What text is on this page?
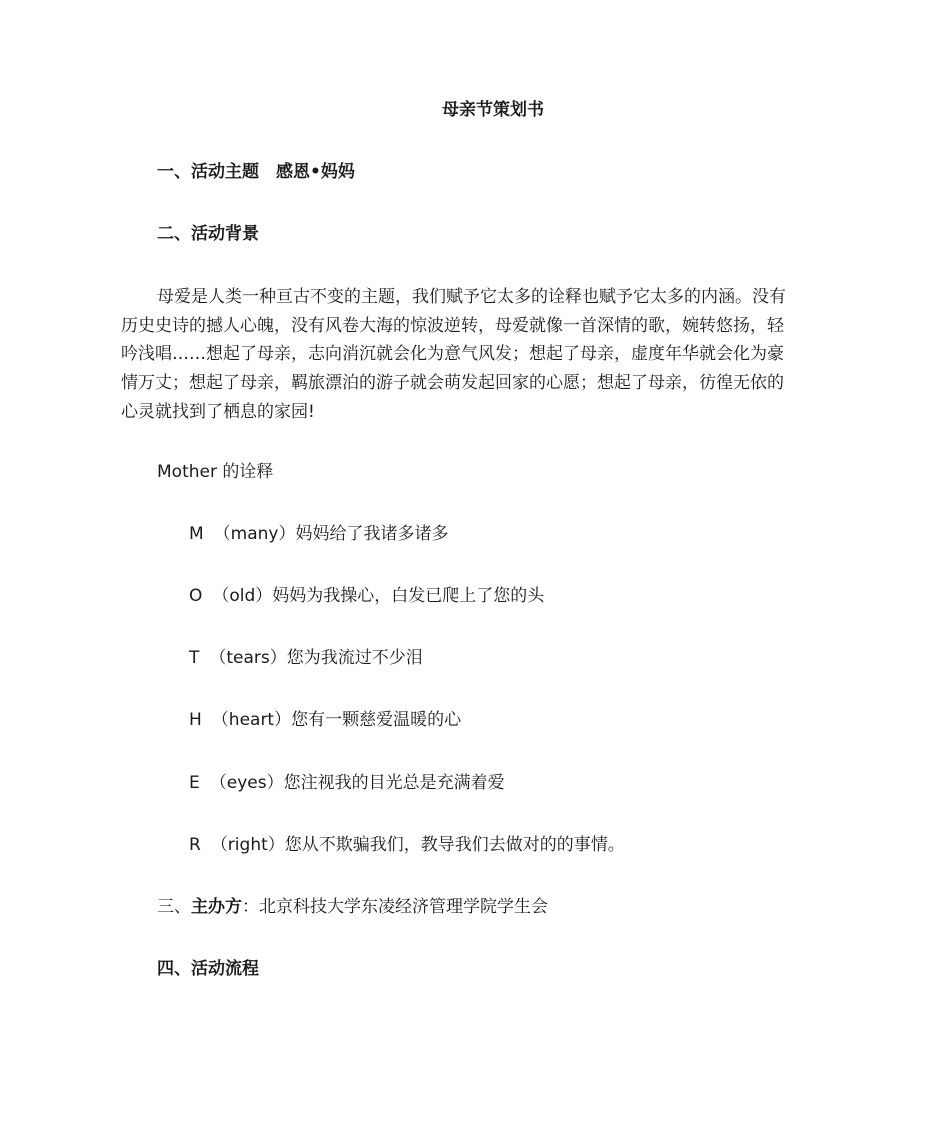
母亲节策划书
一、活动主题 感恩•妈妈
二、活动背景
母爱是人类一种亘古不变的主题，我们赋予它太多的诠释也赋予它太多的内涵。没有
历史史诗的撼人心魄，没有风卷大海的惊波逆转，母爱就像一首深情的歌，婉转悠扬，轻
吟浅唱……想起了母亲，志向消沉就会化为意气风发；想起了母亲，虚度年华就会化为豪
情万丈；想起了母亲，羁旅漂泊的游子就会萌发起回家的心愿；想起了母亲，彷徨无依的
心灵就找到了栖息的家园!
Mother 的诠释
M （many）妈妈给了我诸多诸多
O （old）妈妈为我操心，白发已爬上了您的头
T （tears）您为我流过不少泪
H （heart）您有一颗慈爱温暖的心
E （eyes）您注视我的目光总是充满着爱
R （right）您从不欺骗我们，教导我们去做对的的事情。
三、主办方：北京科技大学东凌经济管理学院学生会
四、活动流程
